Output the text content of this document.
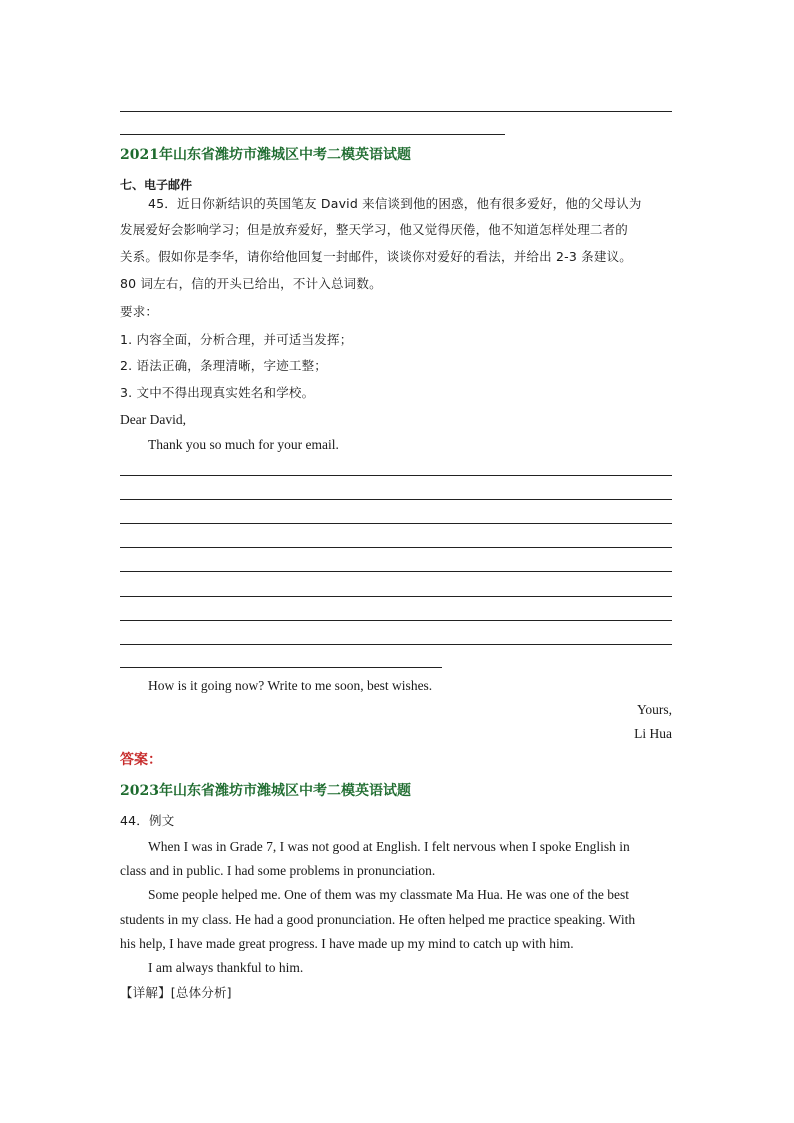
2021年山东省潍坊市潍城区中考二模英语试题
七、电子邮件
45．近日你新结识的英国笔友 David 来信谈到他的困惑，他有很多爱好，他的父母认为
发展爱好会影响学习；但是放弃爱好，整天学习，他又觉得厌倦，他不知道怎样处理二者的
关系。假如你是李华，请你给他回复一封邮件，谈谈你对爱好的看法，并给出 2-3 条建议。
80 词左右，信的开头已给出，不计入总词数。
要求：
1. 内容全面，分析合理，并可适当发挥；
2. 语法正确，条理清晰，字迹工整；
3. 文中不得出现真实姓名和学校。
Dear David,
Thank you so much for your email.
How is it going now? Write to me soon, best wishes.
Yours,
Li Hua
答案：
2023年山东省潍坊市潍城区中考二模英语试题
44．例文
When I was in Grade 7, I was not good at English. I felt nervous when I spoke English in
class and in public. I had some problems in pronunciation.
Some people helped me. One of them was my classmate Ma Hua. He was one of the best
students in my class. He had a good pronunciation. He often helped me practice speaking. With
his help, I have made great progress. I have made up my mind to catch up with him.
I am always thankful to him.
【详解】[总体分析]
